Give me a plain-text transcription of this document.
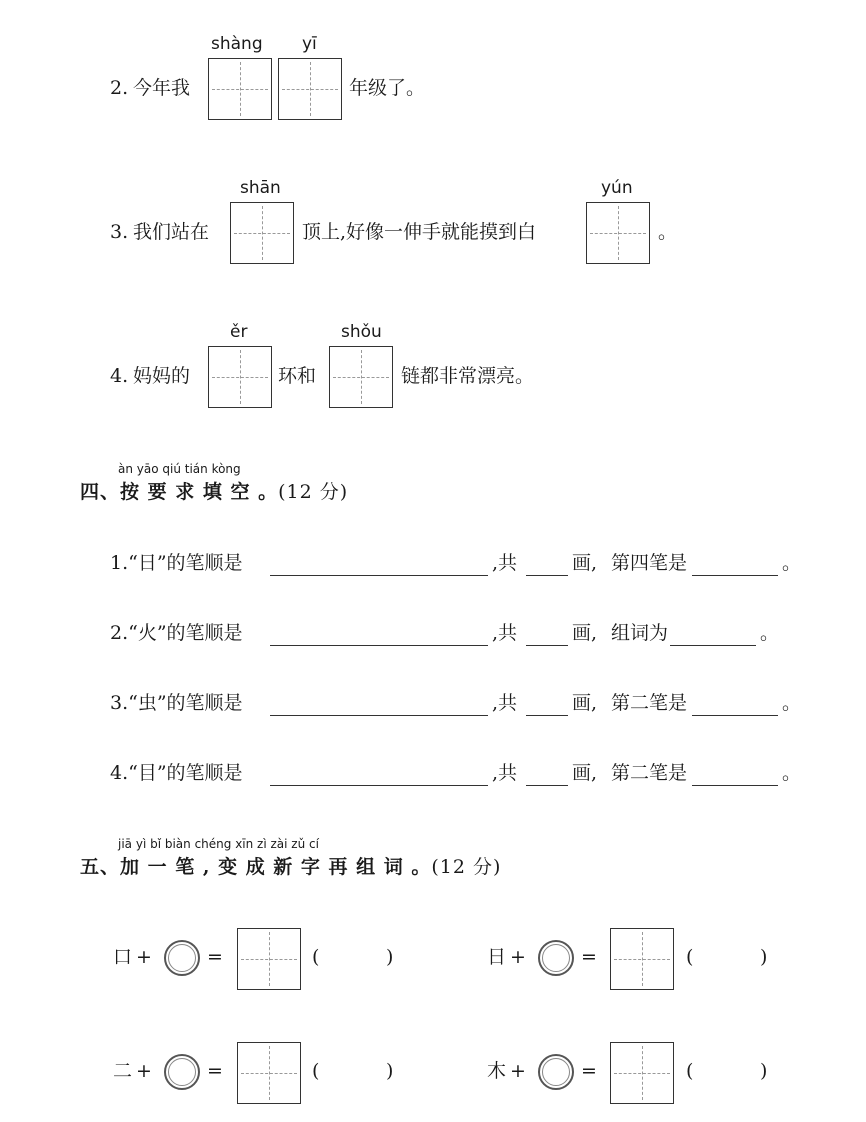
2. 今年我
shàng yī
年级了。
3. 我们站在
shān
顶上,好像一伸手就能摸到白
yún
。
4. 妈妈的
ěr
环和
shǒu
链都非常漂亮。
àn yāo qiú tián kòng
四、按 要 求 填 空 。(12 分)
1.“日”的笔顺是	,共	画, 第四笔是	。
2.“火”的笔顺是	,共	画, 组词为	。
3.“虫”的笔顺是	,共	画, 第二笔是	。
4.“目”的笔顺是	,共	画, 第二笔是	。
jiā yì bǐ biàn chéng xīn zì zài zǔ cí
五、加 一 笔 , 变 成 新 字 再 组 词 。(12 分)
口 +	=	(	)	日 +	=	(	)
二 +	=	(	)	木 +	=	(	)
